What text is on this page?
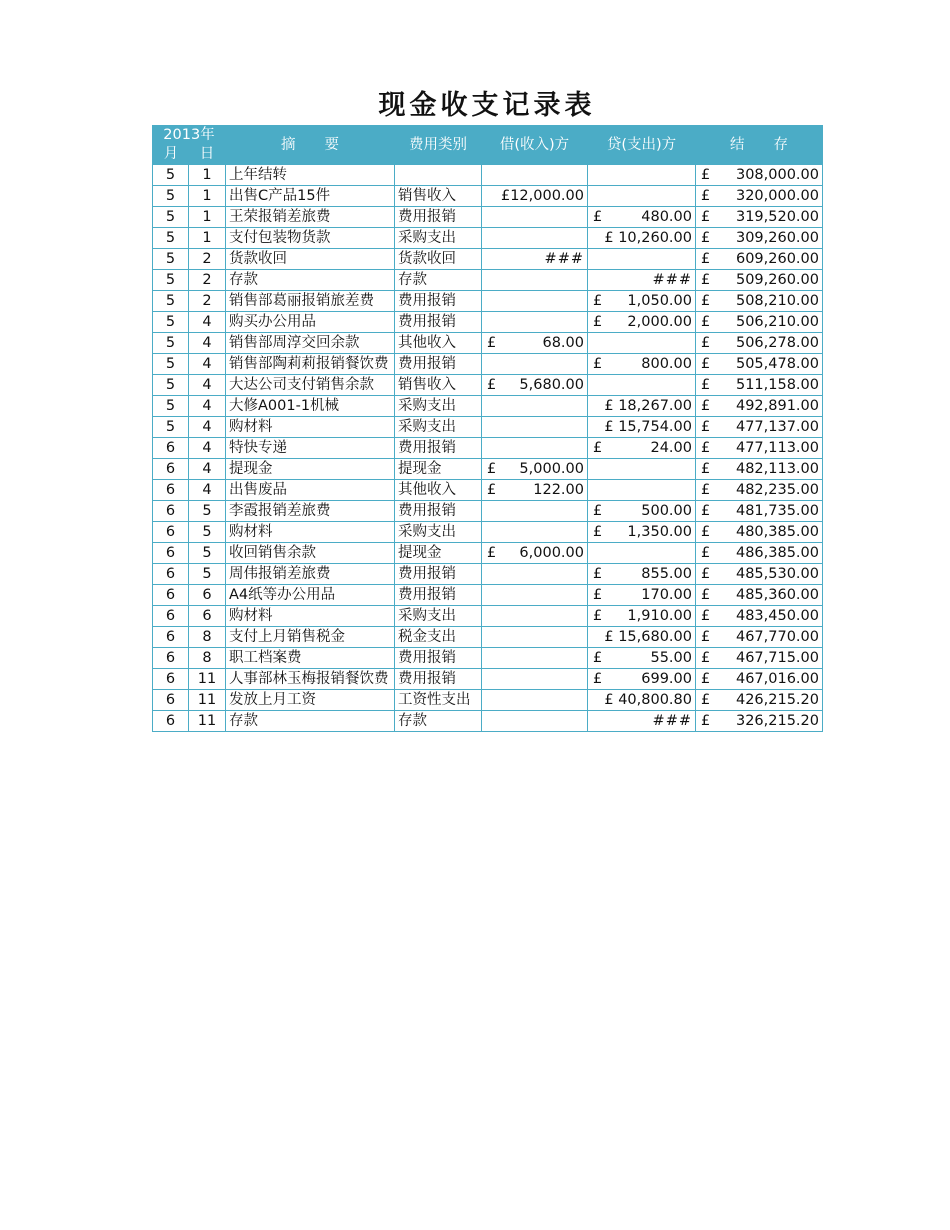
现金收支记录表
2013年
月 日		摘　　要	费用类别	借(收入)方	贷(支出)方	结　　存
5	1	上年结转				£ 308,000.00

5	1	出售C产品15件	销售收入	£12,000.00		£ 320,000.00

5	1	王荣报销差旅费	费用报销		£ 480.00	£ 319,520.00

5	1	支付包装物货款	采购支出		£ 10,260.00	£ 309,260.00

5	2	货款收回	货款收回	###		£ 609,260.00

5	2	存款	存款		###	£ 509,260.00

5	2	销售部葛丽报销旅差费	费用报销		£ 1,050.00	£ 508,210.00

5	4	购买办公用品	费用报销		£ 2,000.00	£ 506,210.00

5	4	销售部周淳交回余款	其他收入	£ 68.00		£ 506,278.00

5	4	销售部陶莉莉报销餐饮费	费用报销		£ 800.00	£ 505,478.00

5	4	大达公司支付销售余款	销售收入	£ 5,680.00		£ 511,158.00

5	4	大修A001-1机械	采购支出		£ 18,267.00	£ 492,891.00

5	4	购材料	采购支出		£ 15,754.00	£ 477,137.00

6	4	特快专递	费用报销		£ 24.00	£ 477,113.00

6	4	提现金	提现金	£ 5,000.00		£ 482,113.00

6	4	出售废品	其他收入	£ 122.00		£ 482,235.00

6	5	李霞报销差旅费	费用报销		£ 500.00	£ 481,735.00

6	5	购材料	采购支出		£ 1,350.00	£ 480,385.00

6	5	收回销售余款	提现金	£ 6,000.00		£ 486,385.00

6	5	周伟报销差旅费	费用报销		£ 855.00	£ 485,530.00

6	6	A4纸等办公用品	费用报销		£ 170.00	£ 485,360.00

6	6	购材料	采购支出		£ 1,910.00	£ 483,450.00

6	8	支付上月销售税金	税金支出		£ 15,680.00	£ 467,770.00

6	8	职工档案费	费用报销		£ 55.00	£ 467,715.00

6	11	人事部林玉梅报销餐饮费	费用报销		£ 699.00	£ 467,016.00

6	11	发放上月工资	工资性支出		£ 40,800.80	£ 426,215.20

6	11	存款	存款		###	£ 326,215.20
